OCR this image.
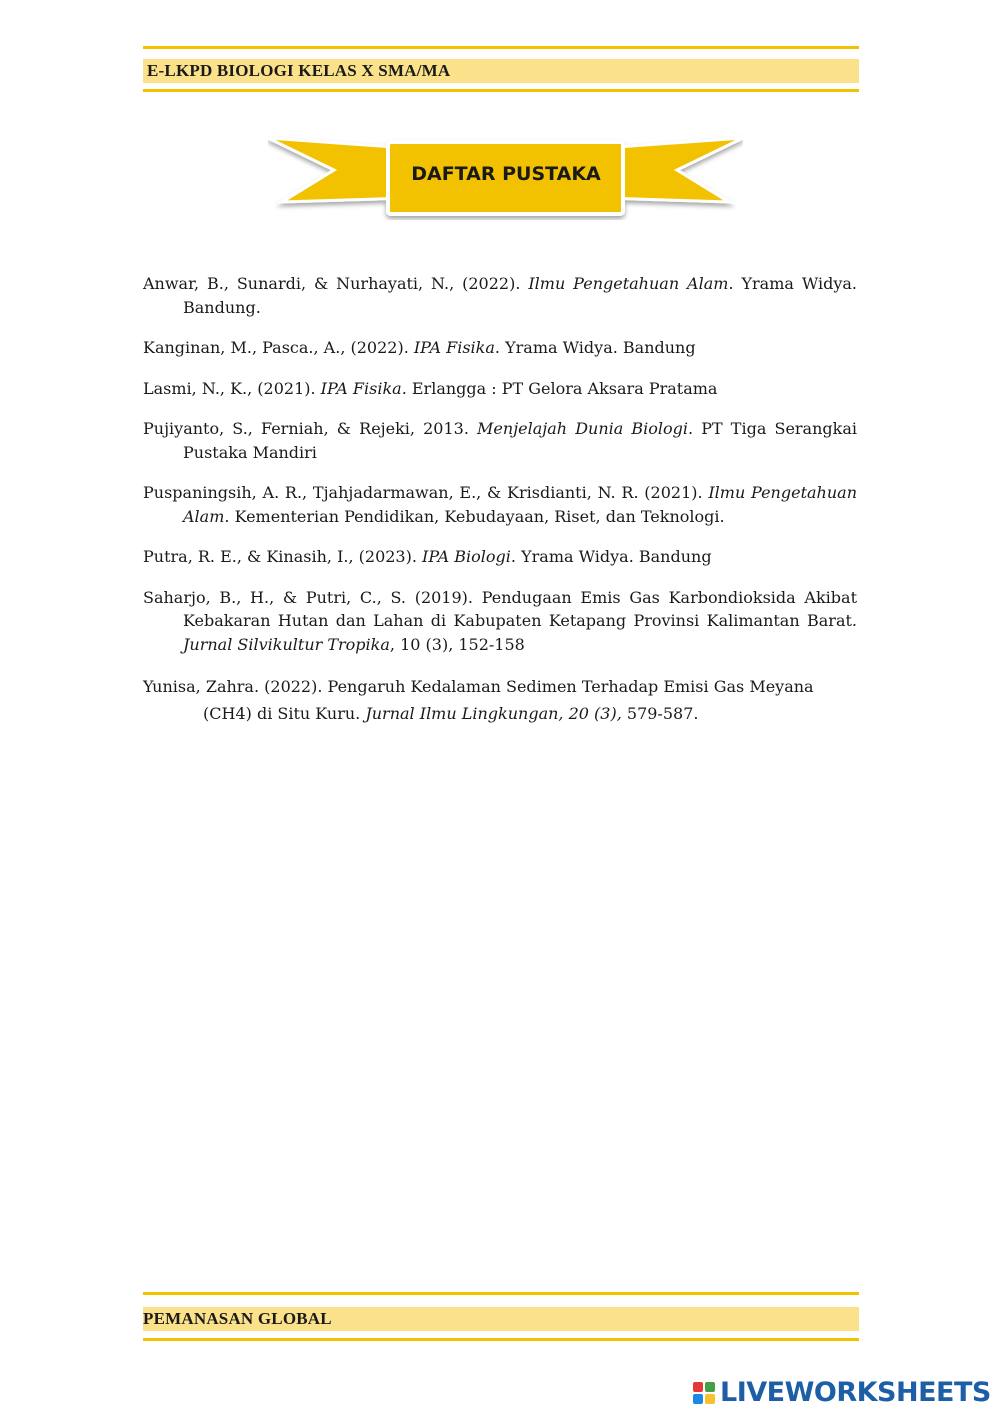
E-LKPD BIOLOGI KELAS X SMA/MA
DAFTAR PUSTAKA

Anwar, B., Sunardi, & Nurhayati, N., (2022). Ilmu Pengetahuan Alam. Yrama Widya. Bandung.

Kanginan, M., Pasca., A., (2022). IPA Fisika. Yrama Widya. Bandung

Lasmi, N., K., (2021). IPA Fisika. Erlangga : PT Gelora Aksara Pratama

Pujiyanto, S., Ferniah, & Rejeki, 2013. Menjelajah Dunia Biologi. PT Tiga Serangkai Pustaka Mandiri

Puspaningsih, A. R., Tjahjadarmawan, E., & Krisdianti, N. R. (2021). Ilmu Pengetahuan Alam. Kementerian Pendidikan, Kebudayaan, Riset, dan Teknologi.

Putra, R. E., & Kinasih, I., (2023). IPA Biologi. Yrama Widya. Bandung

Saharjo, B., H., & Putri, C., S. (2019). Pendugaan Emis Gas Karbondioksida Akibat Kebakaran Hutan dan Lahan di Kabupaten Ketapang Provinsi Kalimantan Barat. Jurnal Silvikultur Tropika, 10 (3), 152-158

Yunisa, Zahra. (2022). Pengaruh Kedalaman Sedimen Terhadap Emisi Gas Meyana (CH4) di Situ Kuru. Jurnal Ilmu Lingkungan, 20 (3), 579-587.

PEMANASAN GLOBAL
LIVEWORKSHEETS
